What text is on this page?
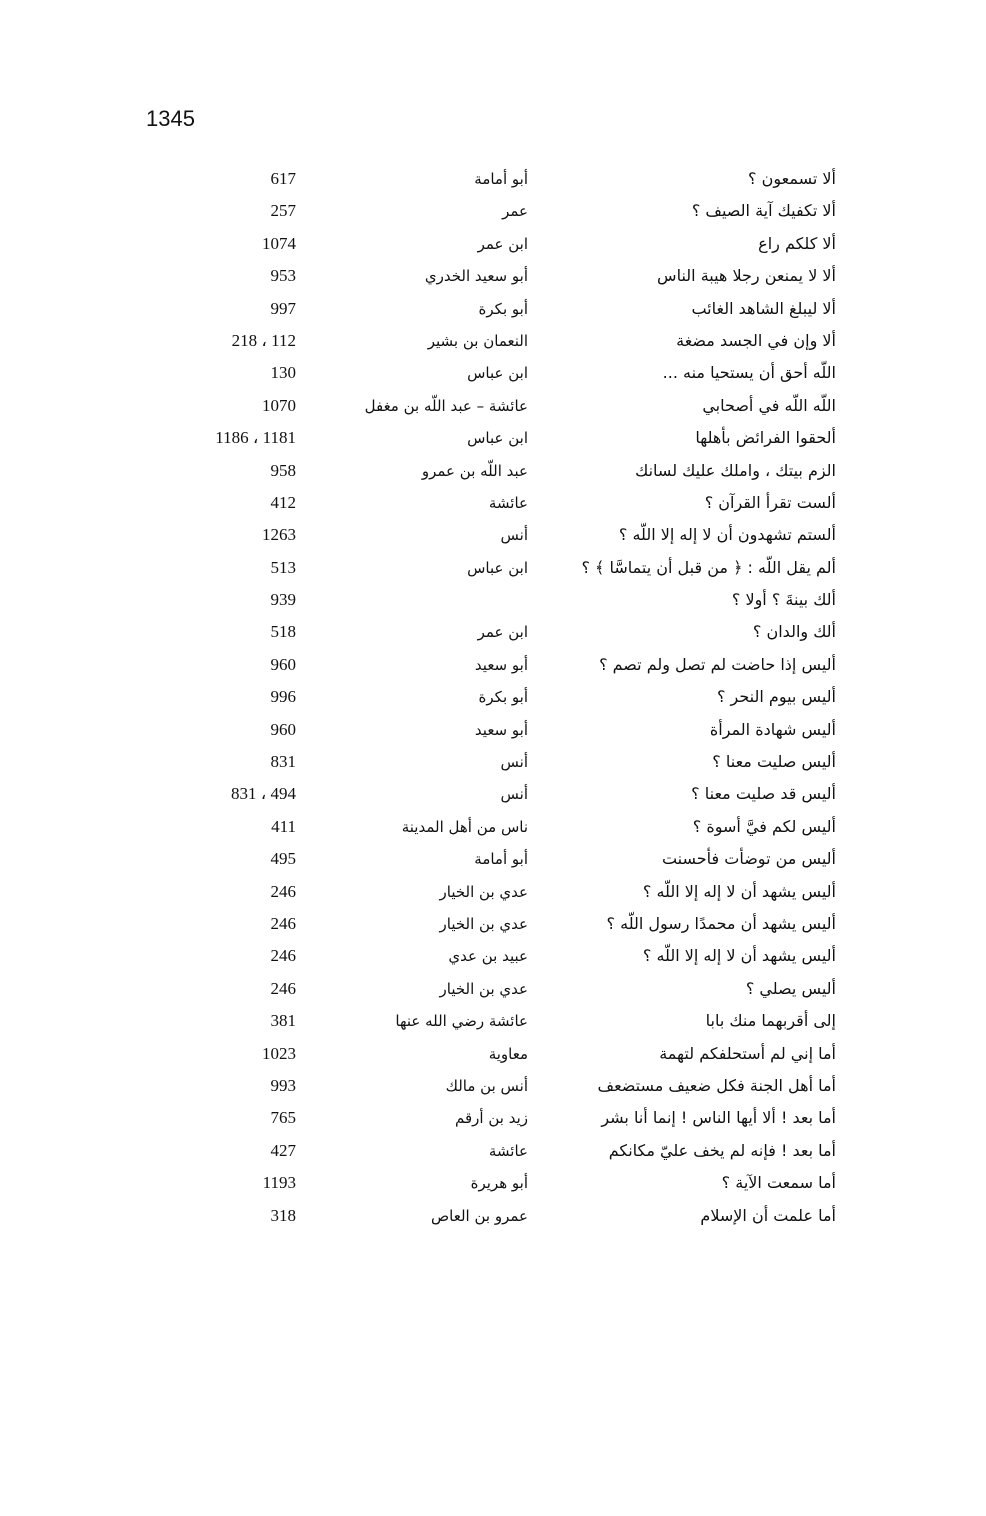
1345
ألا تسمعون ؟
أبو أمامة
617
ألا تكفيك آية الصيف ؟
عمر
257
ألا كلكم راع
ابن عمر
1074
ألا لا يمنعن رجلا هيبة الناس
أبو سعيد الخدري
953
ألا ليبلغ الشاهد الغائب
أبو بكرة
997
ألا وإن في الجسد مضغة
النعمان بن بشير
218 ، 112
اللّه أحق أن يستحيا منه ...
ابن عباس
130
اللّه اللّه في أصحابي
عائشة – عبد اللّه بن مغفل
1070
ألحقوا الفرائض بأهلها
ابن عباس
1186 ، 1181
الزم بيتك ، واملك عليك لسانك
عبد اللّه بن عمرو
958
ألست تقرأ القرآن ؟
عائشة
412
ألستم تشهدون أن لا إله إلا اللّه ؟
أنس
1263
ألم يقل اللّه : ﴿ من قبل أن يتماسَّا ﴾ ؟
ابن عباس
513
ألك بينةَ ؟ أولا ؟
939
ألك والدان ؟
ابن عمر
518
أليس إذا حاضت لم تصل ولم تصم ؟
أبو سعيد
960
أليس بيوم النحر ؟
أبو بكرة
996
أليس شهادة المرأة
أبو سعيد
960
أليس صليت معنا ؟
أنس
831
أليس قد صليت معنا ؟
أنس
831 ، 494
أليس لكم فيَّ أسوة ؟
ناس من أهل المدينة
411
أليس من توضأت فأحسنت
أبو أمامة
495
أليس يشهد أن لا إله إلا اللّه ؟
عدي بن الخيار
246
أليس يشهد أن محمدًا رسول اللّه ؟
عدي بن الخيار
246
أليس يشهد أن لا إله إلا اللّه ؟
عبيد بن عدي
246
أليس يصلي ؟
عدي بن الخيار
246
إلى أقربهما منك بابا
عائشة رضي الله عنها
381
أما إني لم أستحلفكم لتهمة
معاوية
1023
أما أهل الجنة فكل ضعيف مستضعف
أنس بن مالك
993
أما بعد ! ألا أيها الناس ! إنما أنا بشر
زيد بن أرقم
765
أما بعد ! فإنه لم يخف عليّ مكانكم
عائشة
427
أما سمعت الآية ؟
أبو هريرة
1193
أما علمت أن الإسلام
عمرو بن العاص
318
